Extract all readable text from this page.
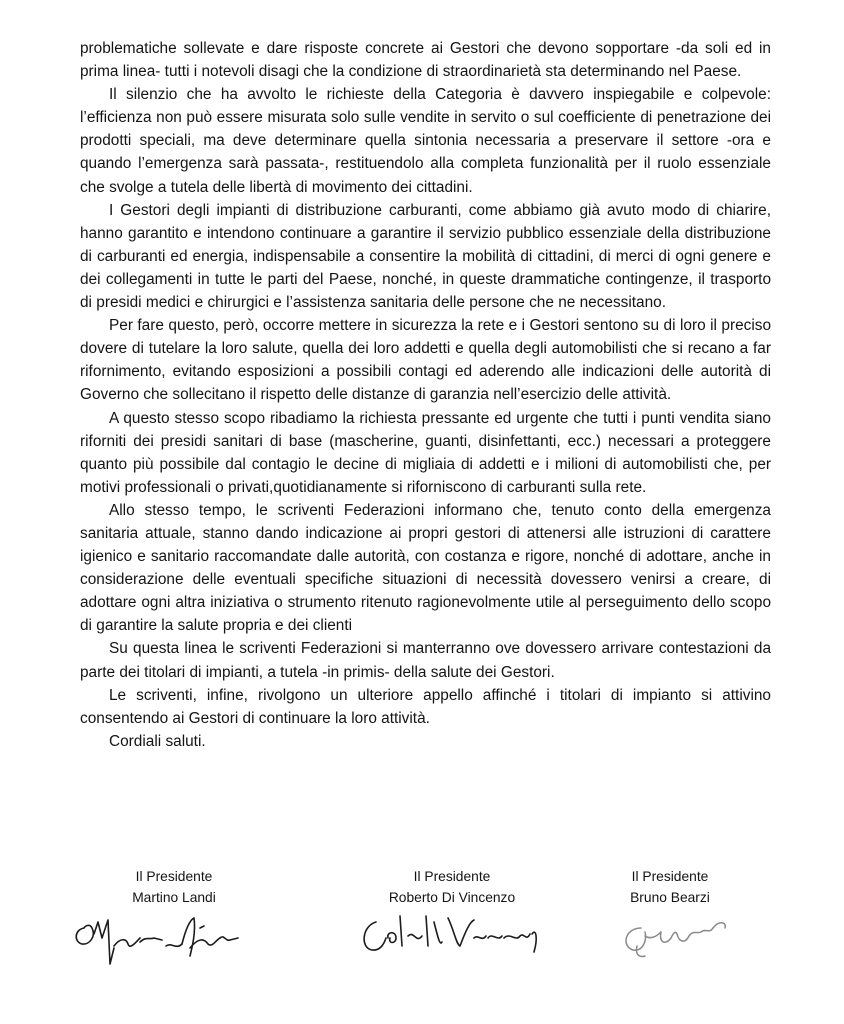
problematiche sollevate e dare risposte concrete ai Gestori che devono sopportare -da soli ed in prima linea- tutti i notevoli disagi che la condizione di straordinarietà sta determinando nel Paese.

Il silenzio che ha avvolto le richieste della Categoria è davvero inspiegabile e colpevole: l’efficienza non può essere misurata solo sulle vendite in servito o sul coefficiente di penetrazione dei prodotti speciali, ma deve determinare quella sintonia necessaria a preservare il settore -ora e quando l’emergenza sarà passata-, restituendolo alla completa funzionalità per il ruolo essenziale che svolge a tutela delle libertà di movimento dei cittadini.

I Gestori degli impianti di distribuzione carburanti, come abbiamo già avuto modo di chiarire, hanno garantito e intendono continuare a garantire il servizio pubblico essenziale della distribuzione di carburanti ed energia, indispensabile a consentire la mobilità di cittadini, di merci di ogni genere e dei collegamenti in tutte le parti del Paese, nonché, in queste drammatiche contingenze, il trasporto di presidi medici e chirurgici e l’assistenza sanitaria delle persone che ne necessitano.

Per fare questo, però, occorre mettere in sicurezza la rete e i Gestori sentono su di loro il preciso dovere di tutelare la loro salute, quella dei loro addetti e quella degli automobilisti che si recano a far rifornimento, evitando esposizioni a possibili contagi ed aderendo alle indicazioni delle autorità di Governo che sollecitano il rispetto delle distanze di garanzia nell’esercizio delle attività.

A questo stesso scopo ribadiamo la richiesta pressante ed urgente che tutti i punti vendita siano riforniti dei presidi sanitari di base (mascherine, guanti, disinfettanti, ecc.) necessari a proteggere quanto più possibile dal contagio le decine di migliaia di addetti e i milioni di automobilisti che, per motivi professionali o privati,quotidianamente si riforniscono di carburanti sulla rete.

Allo stesso tempo, le scriventi Federazioni informano che, tenuto conto della emergenza sanitaria attuale, stanno dando indicazione ai propri gestori di attenersi alle istruzioni di carattere igienico e sanitario raccomandate dalle autorità, con costanza e rigore, nonché di adottare, anche in considerazione delle eventuali specifiche situazioni di necessità dovessero venirsi a creare, di adottare ogni altra iniziativa o strumento ritenuto ragionevolmente utile al perseguimento dello scopo di garantire la salute propria e dei clienti

Su questa linea le scriventi Federazioni si manterranno ove dovessero arrivare contestazioni da parte dei titolari di impianti, a tutela -in primis- della salute dei Gestori.

Le scriventi, infine, rivolgono un ulteriore appello affinché i titolari di impianto si attivino consentendo ai Gestori di continuare la loro attività.

Cordiali saluti.

Il Presidente
Martino Landi
Il Presidente
Roberto Di Vincenzo
Il Presidente
Bruno Bearzi
